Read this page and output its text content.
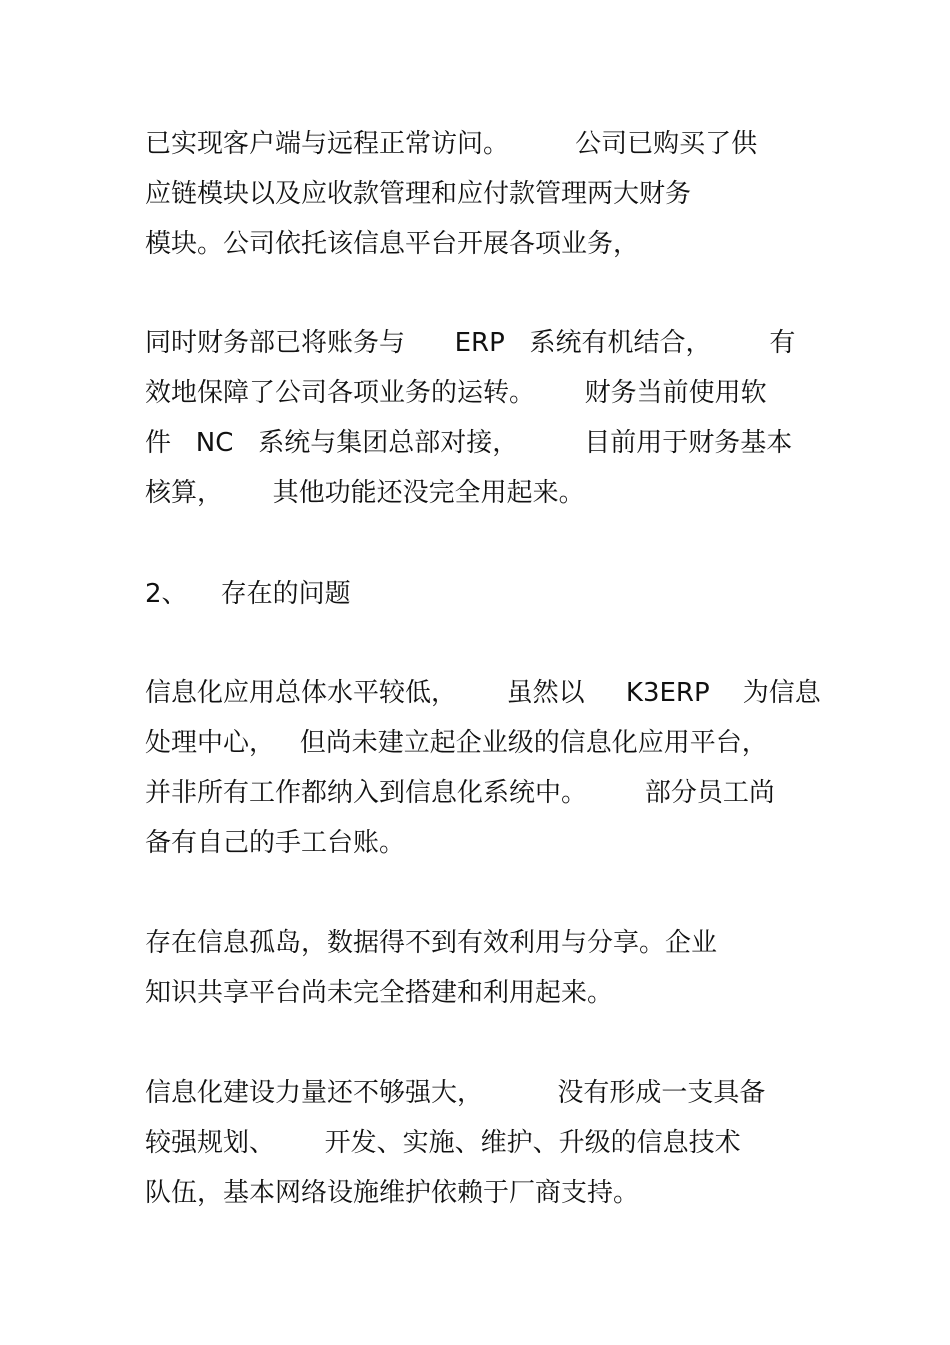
已实现客户端与远程正常访问。        公司已购买了供
应链模块以及应收款管理和应付款管理两大财务
模块。公司依托该信息平台开展各项业务，
同时财务部已将账务与      ERP   系统有机结合，       有
效地保障了公司各项业务的运转。      财务当前使用软
件   NC   系统与集团总部对接，        目前用于财务基本
核算，      其他功能还没完全用起来。
2、    存在的问题
信息化应用总体水平较低，      虽然以     K3ERP    为信息
处理中心，   但尚未建立起企业级的信息化应用平台，
并非所有工作都纳入到信息化系统中。       部分员工尚
备有自己的手工台账。
存在信息孤岛，数据得不到有效利用与分享。企业
知识共享平台尚未完全搭建和利用起来。
信息化建设力量还不够强大，         没有形成一支具备
较强规划、      开发、实施、维护、升级的信息技术
队伍，基本网络设施维护依赖于厂商支持。
